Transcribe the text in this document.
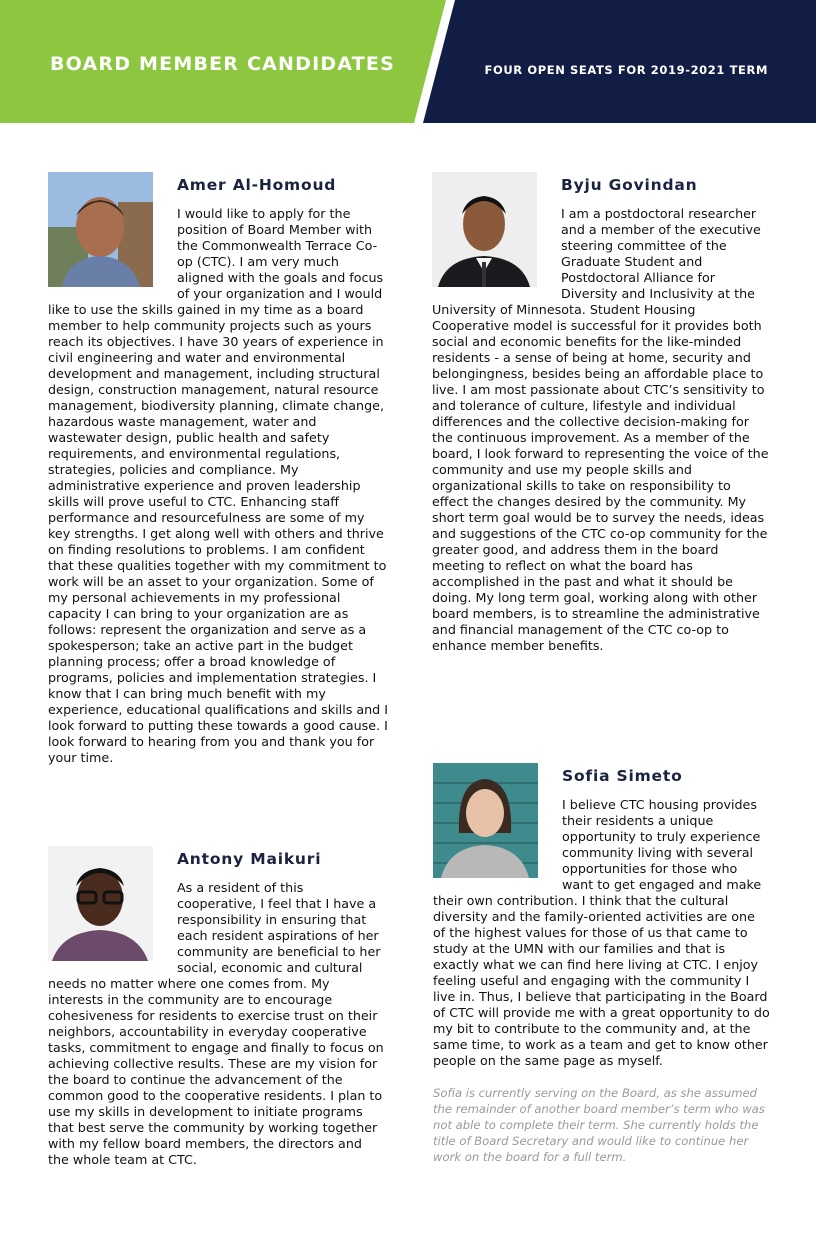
BOARD MEMBER CANDIDATES	FOUR OPEN SEATS FOR 2019-2021 TERM
Amer Al-Homoud

I would like to apply for the position of Board Member with the Commonwealth Terrace Co-op (CTC). I am very much aligned with the goals and focus of your organization and I would like to use the skills gained in my time as a board member to help community projects such as yours reach its objectives. I have 30 years of experience in civil engineering and water and environmental development and management, including structural design, construction management, natural resource management, biodiversity planning, climate change, hazardous waste management, water and wastewater design, public health and safety requirements, and environmental regulations, strategies, policies and compliance. My administrative experience and proven leadership skills will prove useful to CTC. Enhancing staff performance and resourcefulness are some of my key strengths. I get along well with others and thrive on finding resolutions to problems. I am confident that these qualities together with my commitment to work will be an asset to your organization. Some of my personal achievements in my professional capacity I can bring to your organization are as follows: represent the organization and serve as a spokesperson; take an active part in the budget planning process; offer a broad knowledge of programs, policies and implementation strategies. I know that I can bring much benefit with my experience, educational qualifications and skills and I look forward to putting these towards a good cause. I look forward to hearing from you and thank you for your time.

Byju Govindan

I am a postdoctoral researcher and a member of the executive steering committee of the Graduate Student and Postdoctoral Alliance for Diversity and Inclusivity at the University of Minnesota. Student Housing Cooperative model is successful for it provides both social and economic benefits for the like-minded residents - a sense of being at home, security and belongingness, besides being an affordable place to live. I am most passionate about CTC’s sensitivity to and tolerance of culture, lifestyle and individual differences and the collective decision-making for the continuous improvement. As a member of the board, I look forward to representing the voice of the community and use my people skills and organizational skills to take on responsibility to effect the changes desired by the community. My short term goal would be to survey the needs, ideas and suggestions of the CTC co-op community for the greater good, and address them in the board meeting to reflect on what the board has accomplished in the past and what it should be doing. My long term goal, working along with other board members, is to streamline the administrative and financial management of the CTC co-op to enhance member benefits.

Antony Maikuri

As a resident of this cooperative, I feel that I have a responsibility in ensuring that each resident aspirations of her community are beneficial to her social, economic and cultural needs no matter where one comes from. My interests in the community are to encourage cohesiveness for residents to exercise trust on their neighbors, accountability in everyday cooperative tasks, commitment to engage and finally to focus on achieving collective results. These are my vision for the board to continue the advancement of the common good to the cooperative residents. I plan to use my skills in development to initiate programs that best serve the community by working together with my fellow board members, the directors and the whole team at CTC.

Sofia Simeto

I believe CTC housing provides their residents a unique opportunity to truly experience community living with several opportunities for those who want to get engaged and make their own contribution. I think that the cultural diversity and the family-oriented activities are one of the highest values for those of us that came to study at the UMN with our families and that is exactly what we can find here living at CTC. I enjoy feeling useful and engaging with the community I live in. Thus, I believe that participating in the Board of CTC will provide me with a great opportunity to do my bit to contribute to the community and, at the same time, to work as a team and get to know other people on the same page as myself.

Sofia is currently serving on the Board, as she assumed the remainder of another board member’s term who was not able to complete their term. She currently holds the title of Board Secretary and would like to continue her work on the board for a full term.
